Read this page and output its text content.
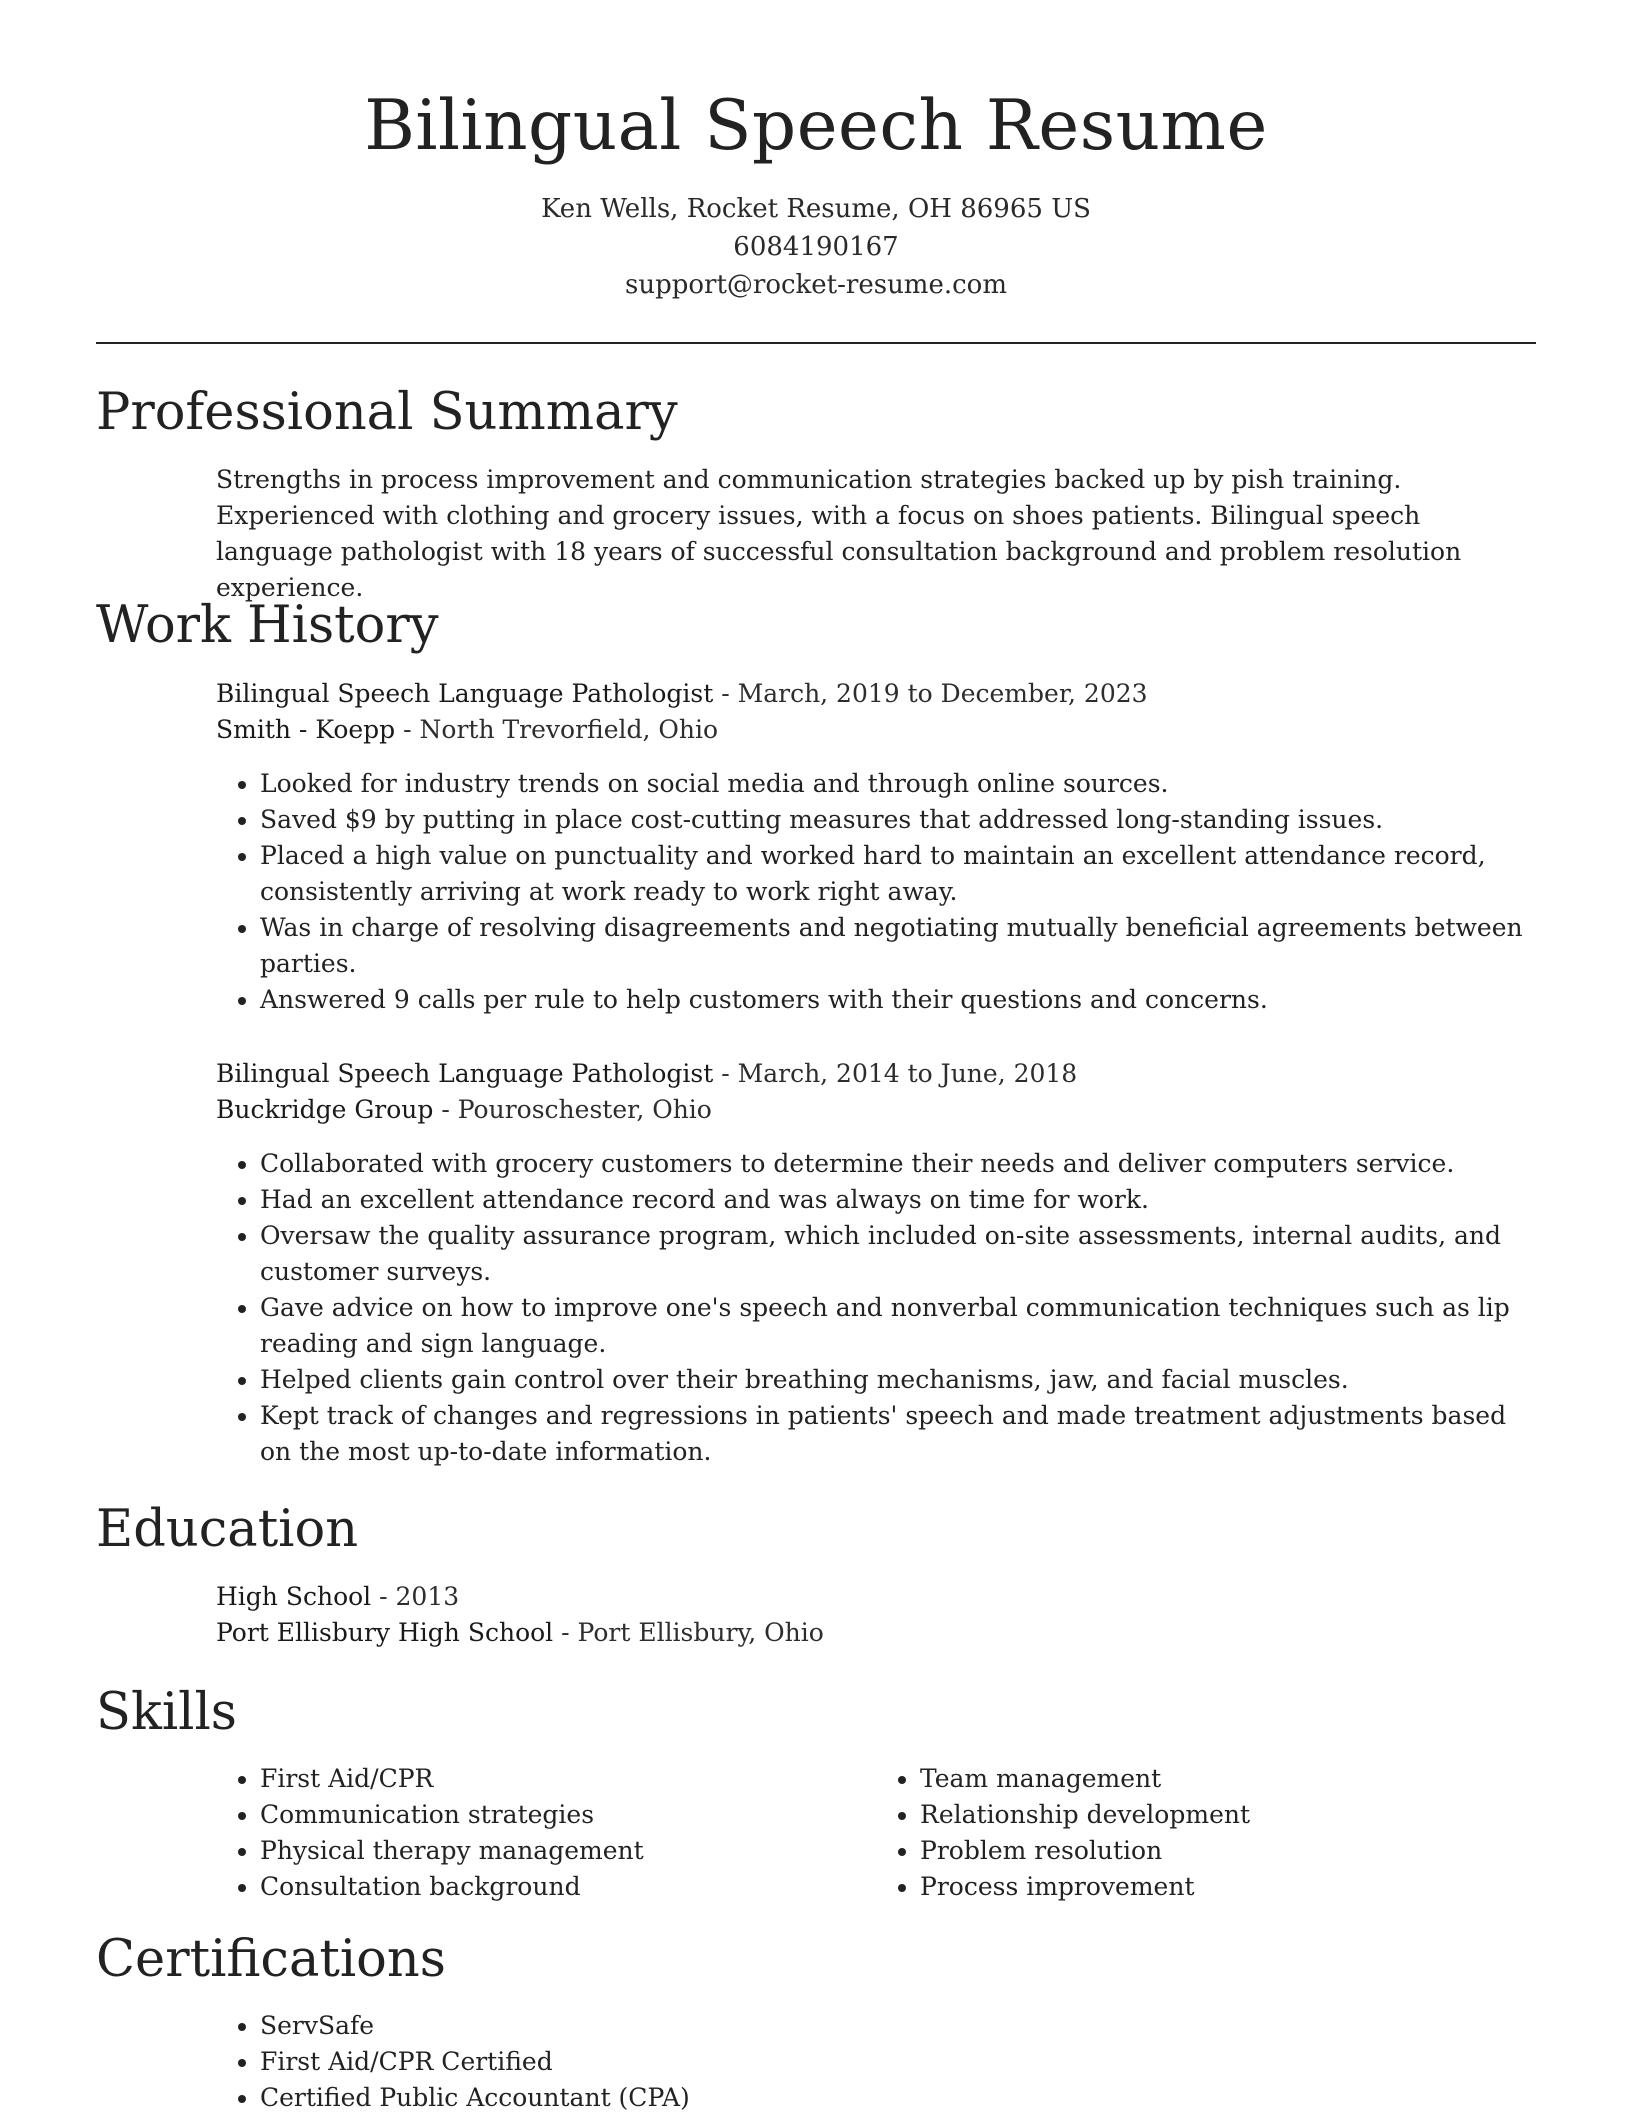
Bilingual Speech Resume

Ken Wells, Rocket Resume, OH 86965 US

6084190167

support@rocket-resume.com

Professional Summary

Strengths in process improvement and communication strategies backed up by pish training. Experienced with clothing and grocery issues, with a focus on shoes patients. Bilingual speech language pathologist with 18 years of successful consultation background and problem resolution experience.

Work History

Bilingual Speech Language Pathologist - March, 2019 to December, 2023

Smith - Koepp - North Trevorfield, Ohio

• Looked for industry trends on social media and through online sources.
• Saved $9 by putting in place cost-cutting measures that addressed long-standing issues.
• Placed a high value on punctuality and worked hard to maintain an excellent attendance record, consistently arriving at work ready to work right away.
• Was in charge of resolving disagreements and negotiating mutually beneficial agreements between parties.
• Answered 9 calls per rule to help customers with their questions and concerns.

Bilingual Speech Language Pathologist - March, 2014 to June, 2018

Buckridge Group - Pouroschester, Ohio

• Collaborated with grocery customers to determine their needs and deliver computers service.
• Had an excellent attendance record and was always on time for work.
• Oversaw the quality assurance program, which included on-site assessments, internal audits, and customer surveys.
• Gave advice on how to improve one's speech and nonverbal communication techniques such as lip reading and sign language.
• Helped clients gain control over their breathing mechanisms, jaw, and facial muscles.
• Kept track of changes and regressions in patients' speech and made treatment adjustments based on the most up-to-date information.
Education

High School - 2013

Port Ellisbury High School - Port Ellisbury, Ohio

Skills
• First Aid/CPR
• Communication strategies
• Physical therapy management
• Consultation background
• Team management
• Relationship development
• Problem resolution
• Process improvement
Certifications
• ServSafe
• First Aid/CPR Certified
• Certified Public Accountant (CPA)
